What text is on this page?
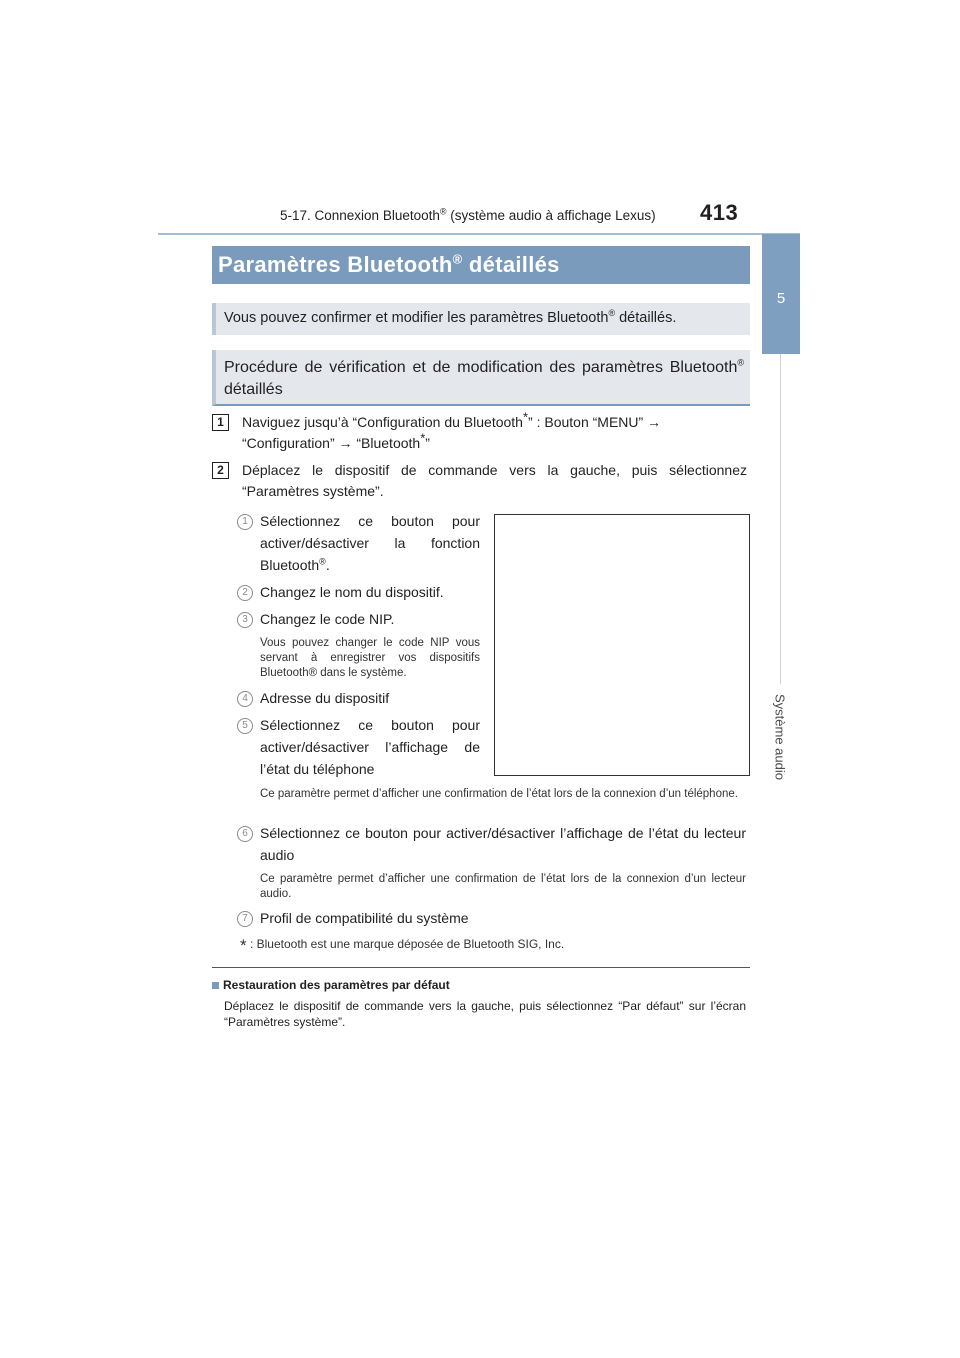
5-17. Connexion Bluetooth® (système audio à affichage Lexus)	413
5
Système audio
Paramètres Bluetooth® détaillés
Vous pouvez confirmer et modifier les paramètres Bluetooth® détaillés.
Procédure de vérification et de modification des paramètres Bluetooth® détaillés
1	Naviguez jusqu’à “Configuration du Bluetooth*” : Bouton “MENU” →
“Configuration” → “Bluetooth*”
2	Déplacez le dispositif de commande vers la gauche, puis sélectionnez “Paramètres système”.
1 Sélectionnez ce bouton pour activer/désactiver la fonction Bluetooth®.
2 Changez le nom du dispositif.
3 Changez le code NIP.
Vous pouvez changer le code NIP vous servant à enregistrer vos dispositifs Bluetooth® dans le système.
4 Adresse du dispositif
5 Sélectionnez ce bouton pour activer/désactiver l’affichage de l’état du téléphone
Ce paramètre permet d’afficher une confirmation de l’état lors de la connexion d’un téléphone.
6 Sélectionnez ce bouton pour activer/désactiver l’affichage de l’état du lecteur audio
Ce paramètre permet d’afficher une confirmation de l’état lors de la connexion d’un lecteur audio.
7 Profil de compatibilité du système
* : Bluetooth est une marque déposée de Bluetooth SIG, Inc.
Restauration des paramètres par défaut
Déplacez le dispositif de commande vers la gauche, puis sélectionnez “Par défaut” sur l’écran “Paramètres système”.
